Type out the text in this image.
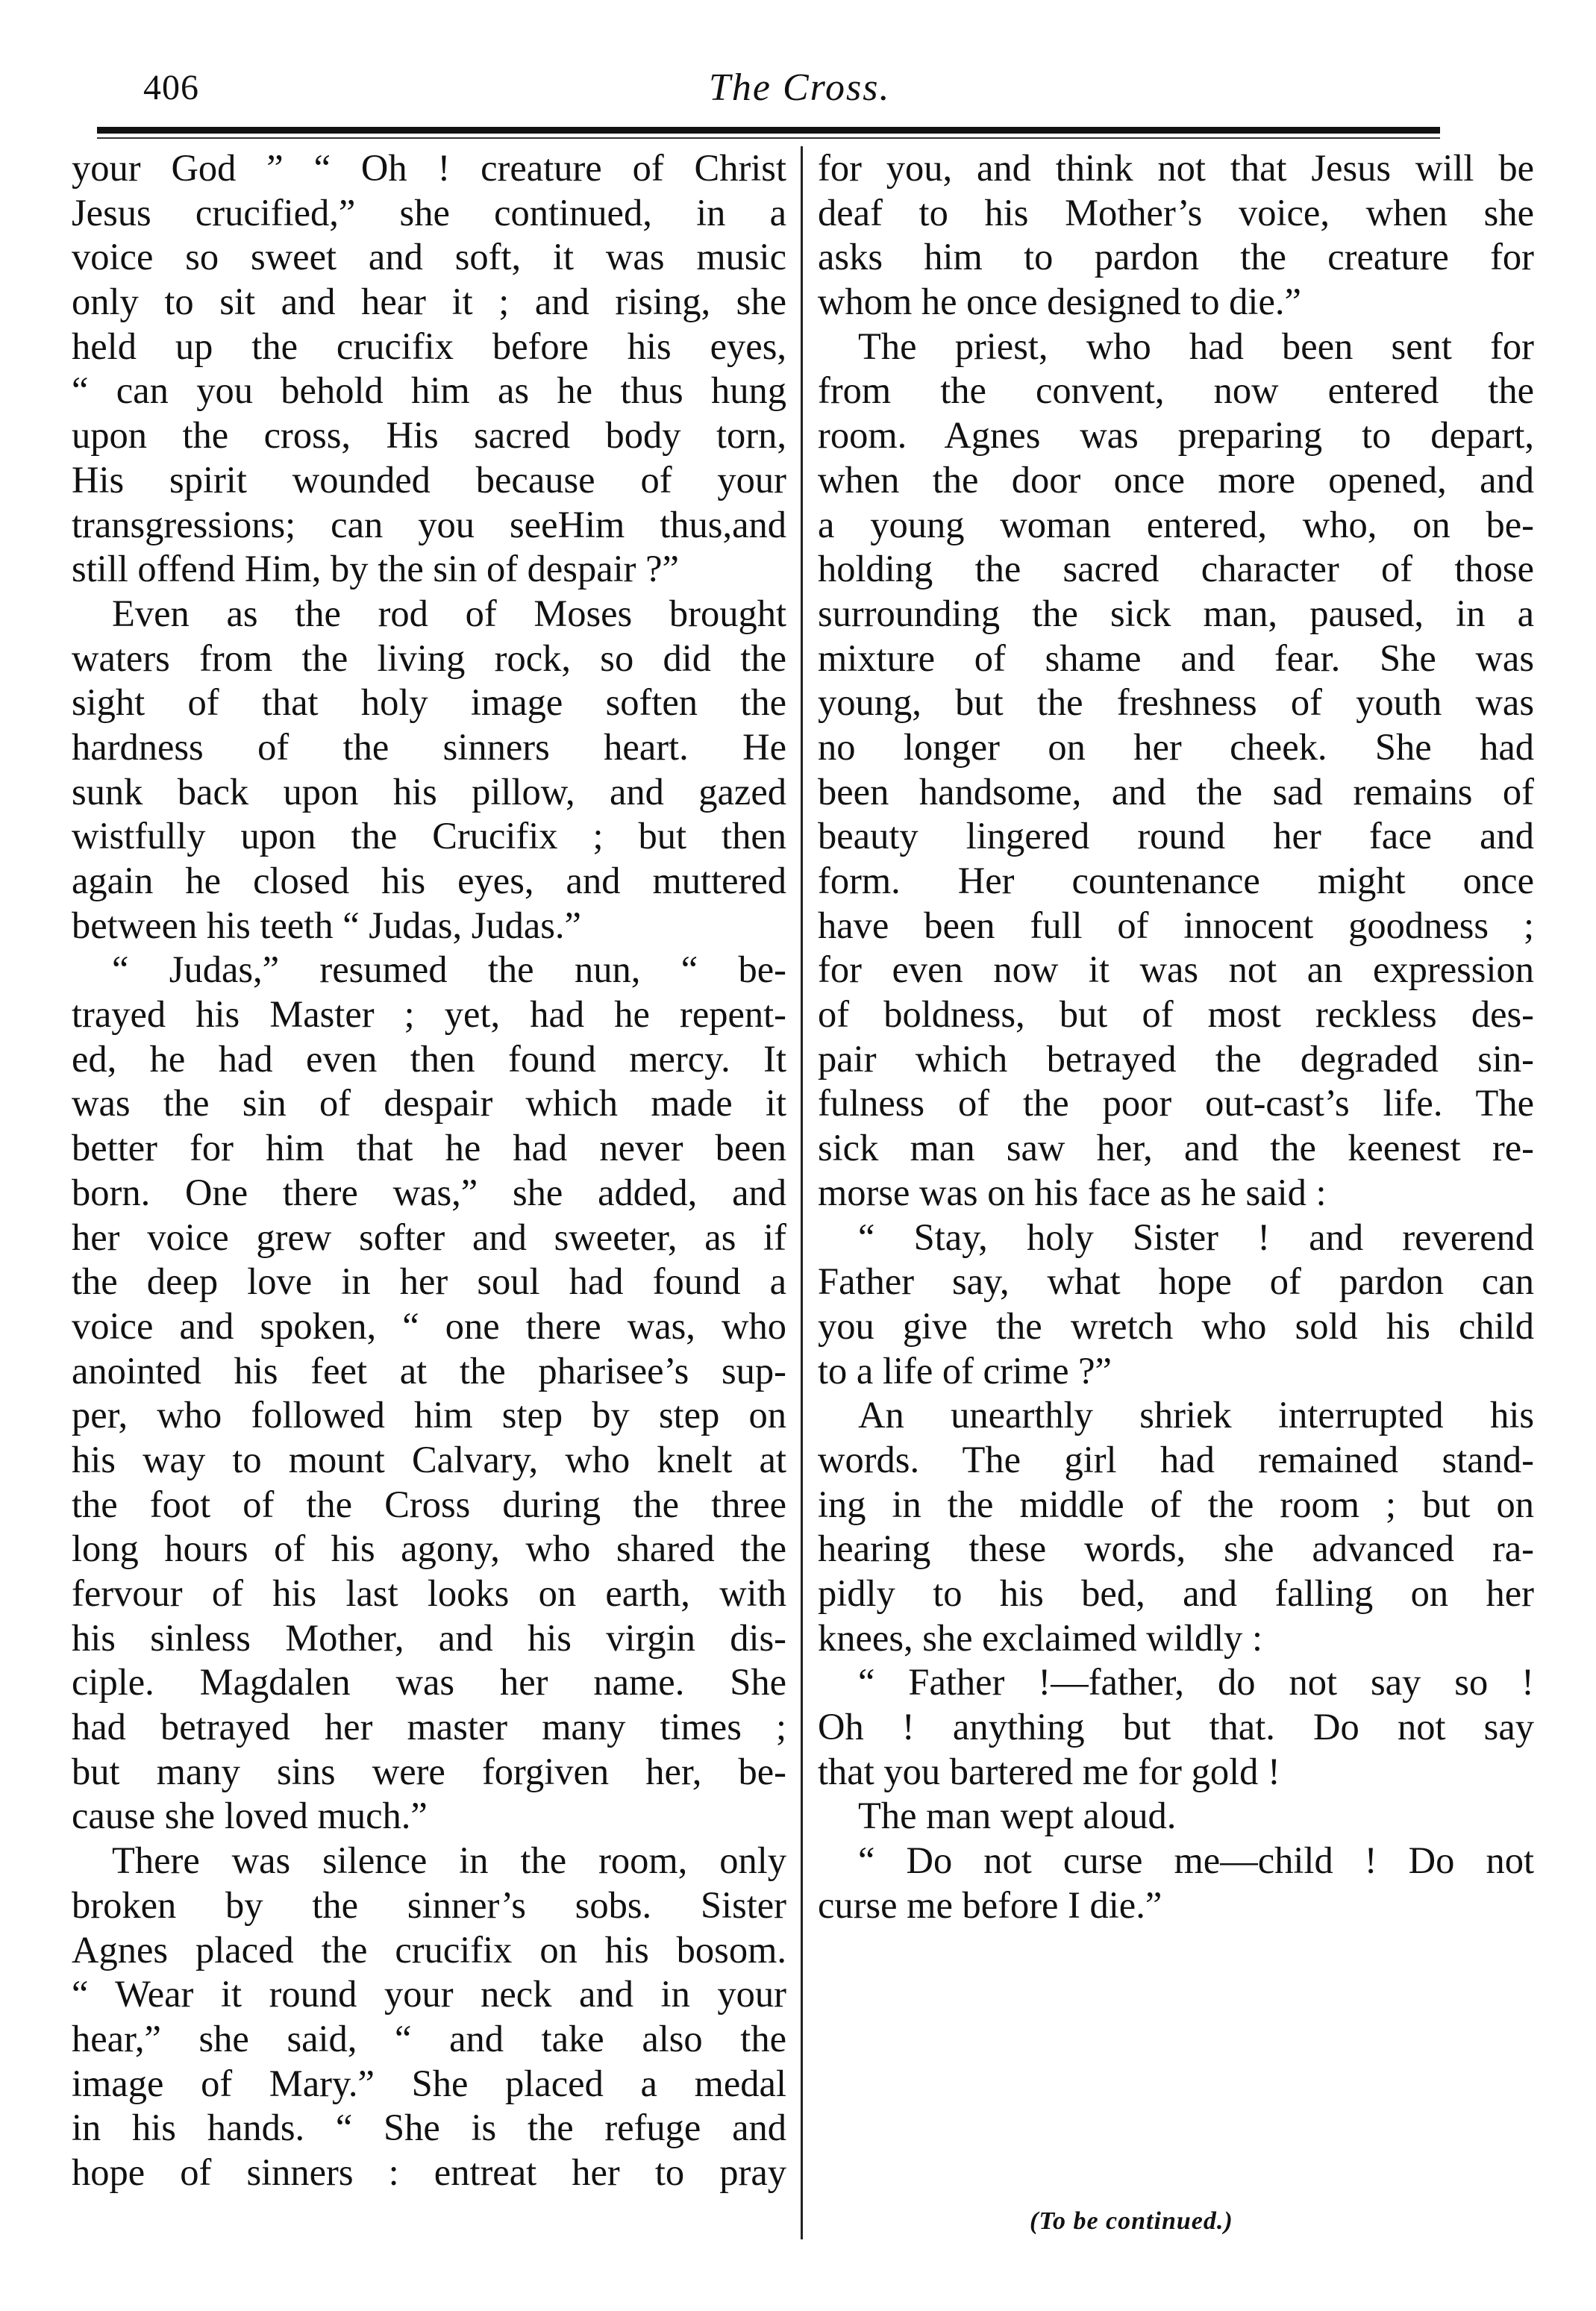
406	The Cross.
your God ” “ Oh ! creature of Christ
Jesus crucified,” she continued, in a
voice so sweet and soft, it was music
only to sit and hear it ; and rising, she
held up the crucifix before his eyes,
“ can you behold him as he thus hung
upon the cross, His sacred body torn,
His spirit wounded because of your
transgressions; can you seeHim thus,and
still offend Him, by the sin of despair ?”
Even as the rod of Moses brought
waters from the living rock, so did the
sight of that holy image soften the
hardness of the sinners heart. He
sunk back upon his pillow, and gazed
wistfully upon the Crucifix ; but then
again he closed his eyes, and muttered
between his teeth “ Judas, Judas.”
“ Judas,” resumed the nun, “ be-
trayed his Master ; yet, had he repent-
ed, he had even then found mercy. It
was the sin of despair which made it
better for him that he had never been
born. One there was,” she added, and
her voice grew softer and sweeter, as if
the deep love in her soul had found a
voice and spoken, “ one there was, who
anointed his feet at the pharisee’s sup-
per, who followed him step by step on
his way to mount Calvary, who knelt at
the foot of the Cross during the three
long hours of his agony, who shared the
fervour of his last looks on earth, with
his sinless Mother, and his virgin dis-
ciple. Magdalen was her name. She
had betrayed her master many times ;
but many sins were forgiven her, be-
cause she loved much.”
There was silence in the room, only
broken by the sinner’s sobs. Sister
Agnes placed the crucifix on his bosom.
“ Wear it round your neck and in your
hear,” she said, “ and take also the
image of Mary.” She placed a medal
in his hands. “ She is the refuge and
hope of sinners : entreat her to pray
for you, and think not that Jesus will be
deaf to his Mother’s voice, when she
asks him to pardon the creature for
whom he once designed to die.”
The priest, who had been sent for
from the convent, now entered the
room. Agnes was preparing to depart,
when the door once more opened, and
a young woman entered, who, on be-
holding the sacred character of those
surrounding the sick man, paused, in a
mixture of shame and fear. She was
young, but the freshness of youth was
no longer on her cheek. She had
been handsome, and the sad remains of
beauty lingered round her face and
form. Her countenance might once
have been full of innocent goodness ;
for even now it was not an expression
of boldness, but of most reckless des-
pair which betrayed the degraded sin-
fulness of the poor out-cast’s life. The
sick man saw her, and the keenest re-
morse was on his face as he said :
“ Stay, holy Sister ! and reverend
Father say, what hope of pardon can
you give the wretch who sold his child
to a life of crime ?”
An unearthly shriek interrupted his
words. The girl had remained stand-
ing in the middle of the room ; but on
hearing these words, she advanced ra-
pidly to his bed, and falling on her
knees, she exclaimed wildly :
“ Father !—father, do not say so !
Oh ! anything but that. Do not say
that you bartered me for gold !
The man wept aloud.
“ Do not curse me—child ! Do not
curse me before I die.”
(To be continued.)
